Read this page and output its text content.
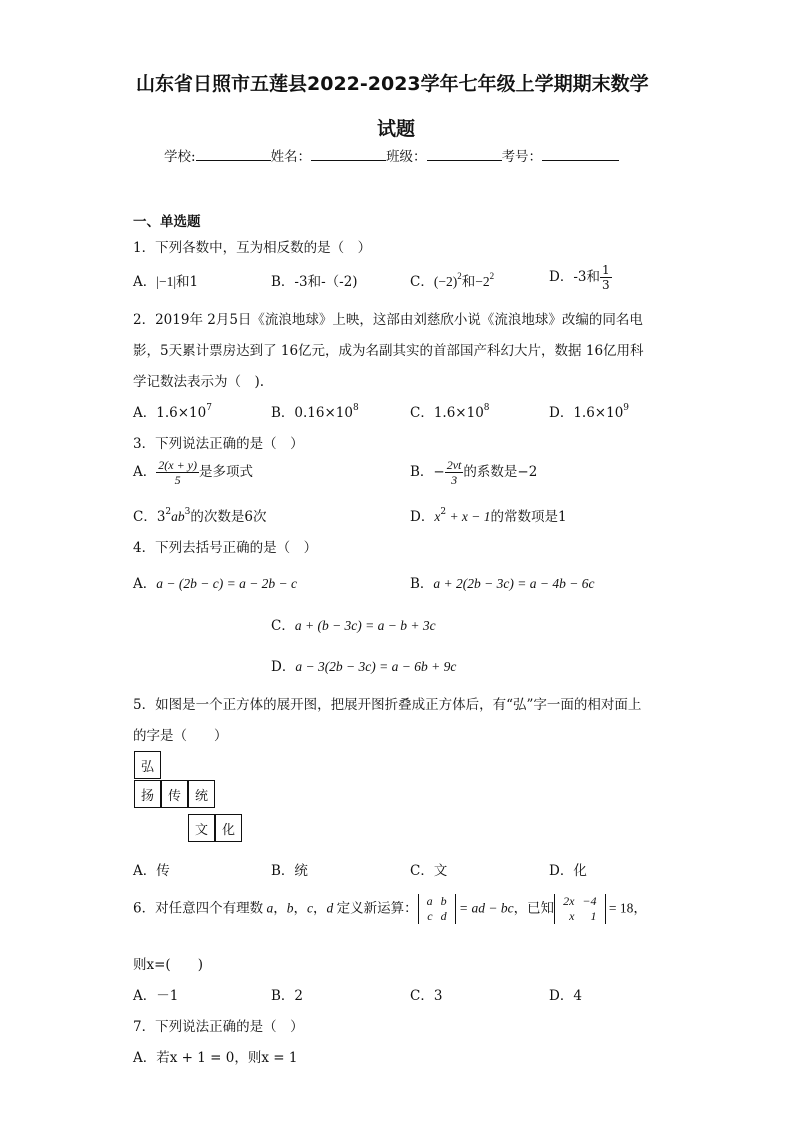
山东省日照市五莲县2022-2023学年七年级上学期期末数学
试题
学校:	姓名：	班级：	考号：
一、单选题
1．下列各数中，互为相反数的是（　）
A．|−1|和1	B．-3和-（-2)	C．$(-2)^2$和$-2^2$	D．-3和 $\frac{1}{3}$
2．2019年 2月5日《流浪地球》上映，这部由刘慈欣小说《流浪地球》改编的同名电
影，5天累计票房达到了 16亿元，成为名副其实的首部国产科幻大片，数据 16亿用科
学记数法表示为（　).
A．$1.6\times 10^7$	B．$0.16\times 10^8$	C．$1.6\times 10^8$	D．$1.6\times 10^9$
3．下列说法正确的是（　）
A． $\frac{2(x + y)}{5}$ 是多项式	B．− $\frac{2vt}{3}$ 的系数是−2
C．$3^2ab^3$的次数是6次	D．$x^2 + x - 1$的常数项是1
4．下列去括号正确的是（　）
A．a − (2b − c) = a − 2b − c	B．a + 2(2b − 3c) = a − 4b − 6c
C．a + (b − 3c) = a − b + 3c
D．a − 3(2b − 3c) = a − 6b + 9c
5．如图是一个正方体的展开图，把展开图折叠成正方体后，有“弘”字一面的相对面上
的字是（　　）
弘
扬	传	统
文	化
A．传	B．统	C．文	D．化
6．对任意四个有理数 a，b，c，d 定义新运算： a	b
c	d
= ad − bc，已知 2x	−4
x	1
= 18，
则x=(　　)
A．－1	B．2	C．3	D．4
7．下列说法正确的是（　）
A．若x + 1 = 0，则x = 1
